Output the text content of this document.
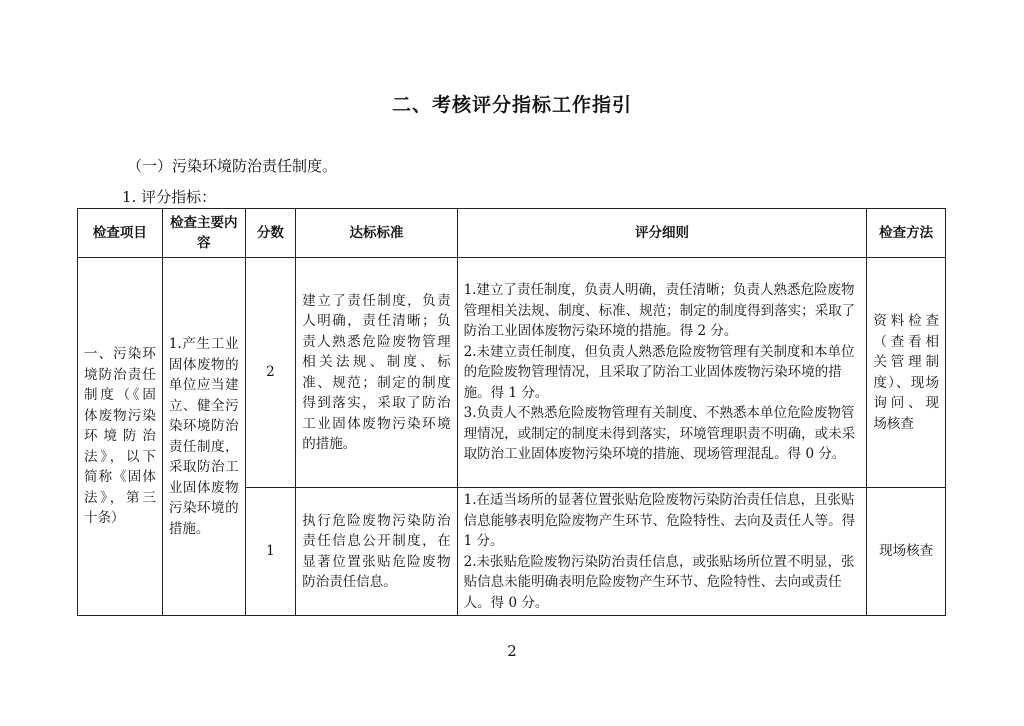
二、考核评分指标工作指引
（一）污染环境防治责任制度。
1. 评分指标：
检查项目	检查主要内容	分数	达标标准	评分细则	检查方法
一、污染环境防治责任制度（《固体废物污染环境防治法》，以下简称《固体法》，第三十条）	1.产生工业固体废物的单位应当建立、健全污染环境防治责任制度，采取防治工业固体废物污染环境的措施。	2	建立了责任制度，负责人明确，责任清晰；负责人熟悉危险废物管理相关法规、制度、标准、规范；制定的制度得到落实，采取了防治工业固体废物污染环境的措施。	1.建立了责任制度，负责人明确，责任清晰；负责人熟悉危险废物管理相关法规、制度、标准、规范；制定的制度得到落实；采取了防治工业固体废物污染环境的措施。得 2 分。
2.未建立责任制度，但负责人熟悉危险废物管理有关制度和本单位的危险废物管理情况，且采取了防治工业固体废物污染环境的措施。得 1 分。
3.负责人不熟悉危险废物管理有关制度、不熟悉本单位危险废物管理情况，或制定的制度未得到落实，环境管理职责不明确，或未采取防治工业固体废物污染环境的措施、现场管理混乱。得 0 分。	资料检查（查看相关管理制度）、现场询问、现场核查
		1	执行危险废物污染防治责任信息公开制度，在显著位置张贴危险废物防治责任信息。	1.在适当场所的显著位置张贴危险废物污染防治责任信息，且张贴信息能够表明危险废物产生环节、危险特性、去向及责任人等。得 1 分。
2.未张贴危险废物污染防治责任信息，或张贴场所位置不明显，张贴信息未能明确表明危险废物产生环节、危险特性、去向或责任人。得 0 分。	现场核查
2
